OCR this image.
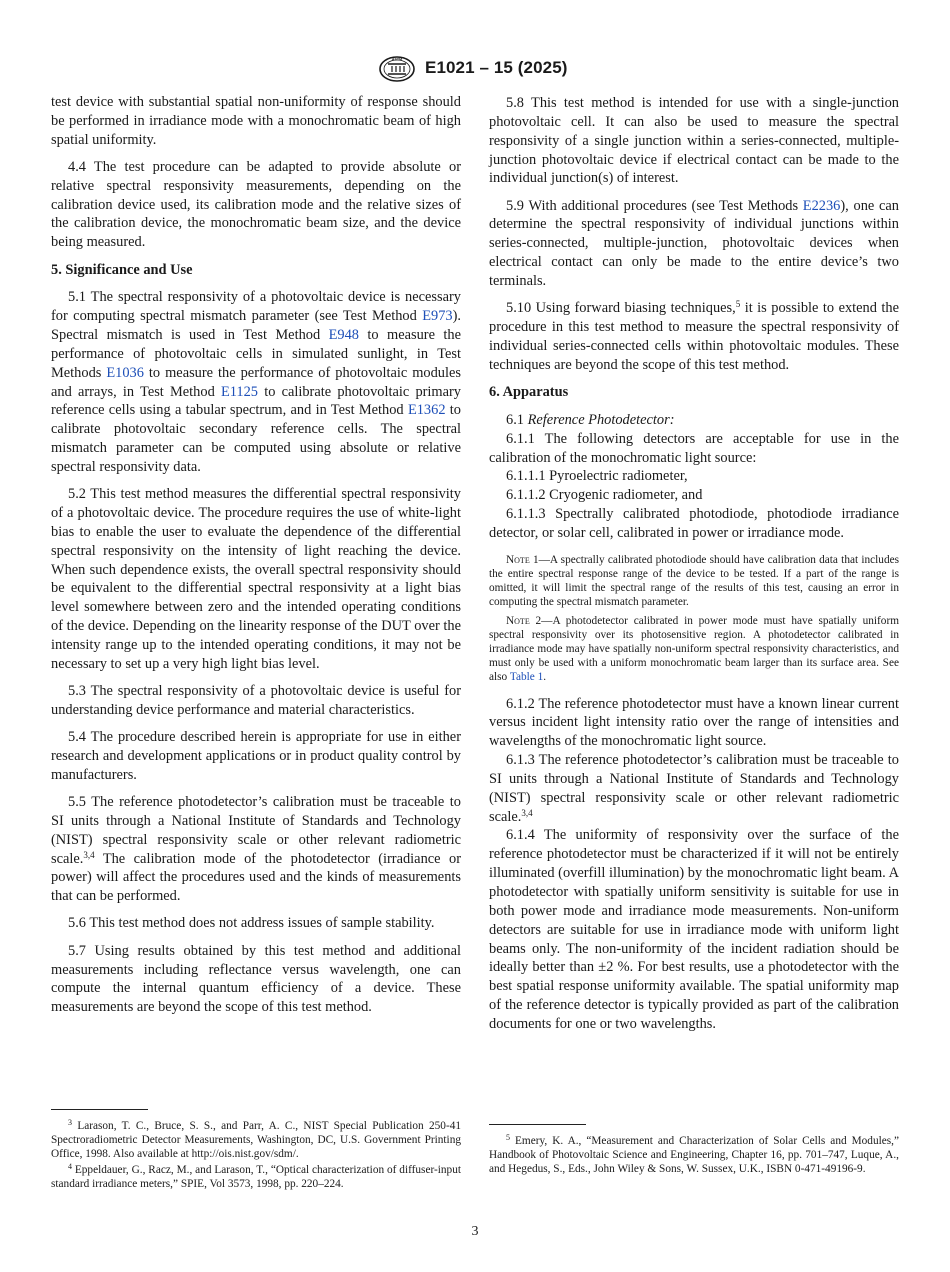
ASTM E1021 – 15 (2025)

test device with substantial spatial non-uniformity of response should be performed in irradiance mode with a monochromatic beam of high spatial uniformity.

4.4 The test procedure can be adapted to provide absolute or relative spectral responsivity measurements, depending on the calibration device used, its calibration mode and the relative sizes of the calibration device, the monochromatic beam size, and the device being measured.

5. Significance and Use

5.1 The spectral responsivity of a photovoltaic device is necessary for computing spectral mismatch parameter (see Test Method E973). Spectral mismatch is used in Test Method E948 to measure the performance of photovoltaic cells in simulated sunlight, in Test Methods E1036 to measure the performance of photovoltaic modules and arrays, in Test Method E1125 to calibrate photovoltaic primary reference cells using a tabular spectrum, and in Test Method E1362 to calibrate photovoltaic secondary reference cells. The spectral mismatch parameter can be computed using absolute or relative spectral responsivity data.

5.2 This test method measures the differential spectral responsivity of a photovoltaic device. The procedure requires the use of white-light bias to enable the user to evaluate the dependence of the differential spectral responsivity on the intensity of light reaching the device. When such dependence exists, the overall spectral responsivity should be equivalent to the differential spectral responsivity at a light bias level somewhere between zero and the intended operating conditions of the device. Depending on the linearity response of the DUT over the intensity range up to the intended operating conditions, it may not be necessary to set up a very high light bias level.

5.3 The spectral responsivity of a photovoltaic device is useful for understanding device performance and material characteristics.

5.4 The procedure described herein is appropriate for use in either research and development applications or in product quality control by manufacturers.

5.5 The reference photodetector’s calibration must be traceable to SI units through a National Institute of Standards and Technology (NIST) spectral responsivity scale or other relevant radiometric scale.$^{3,4}$ The calibration mode of the photodetector (irradiance or power) will affect the procedures used and the kinds of measurements that can be performed.

5.6 This test method does not address issues of sample stability.

5.7 Using results obtained by this test method and additional measurements including reflectance versus wavelength, one can compute the internal quantum efficiency of a device. These measurements are beyond the scope of this test method.

5.8 This test method is intended for use with a single-junction photovoltaic cell. It can also be used to measure the spectral responsivity of a single junction within a series-connected, multiple-junction photovoltaic device if electrical contact can be made to the individual junction(s) of interest.

5.9 With additional procedures (see Test Methods E2236), one can determine the spectral responsivity of individual junctions within series-connected, multiple-junction, photovoltaic devices when electrical contact can only be made to the entire device’s two terminals.

5.10 Using forward biasing techniques,$^5$ it is possible to extend the procedure in this test method to measure the spectral responsivity of individual series-connected cells within photovoltaic modules. These techniques are beyond the scope of this test method.

6. Apparatus

6.1 Reference Photodetector:

6.1.1 The following detectors are acceptable for use in the calibration of the monochromatic light source:

6.1.1.1 Pyroelectric radiometer,

6.1.1.2 Cryogenic radiometer, and

6.1.1.3 Spectrally calibrated photodiode, photodiode irradiance detector, or solar cell, calibrated in power or irradiance mode.

Note 1—A spectrally calibrated photodiode should have calibration data that includes the entire spectral response range of the device to be tested. If a part of the range is omitted, it will limit the spectral range of the results of this test, causing an error in computing the spectral mismatch parameter.

Note 2—A photodetector calibrated in power mode must have spatially uniform spectral responsivity over its photosensitive region. A photodetector calibrated in irradiance mode may have spatially non-uniform spectral responsivity characteristics, and must only be used with a uniform monochromatic beam larger than its surface area. See also Table 1.

6.1.2 The reference photodetector must have a known linear current versus incident light intensity ratio over the range of intensities and wavelengths of the monochromatic light source.

6.1.3 The reference photodetector’s calibration must be traceable to SI units through a National Institute of Standards and Technology (NIST) spectral responsivity scale or other relevant radiometric scale.$^{3,4}$

6.1.4 The uniformity of responsivity over the surface of the reference photodetector must be characterized if it will not be entirely illuminated (overfill illumination) by the monochromatic light beam. A photodetector with spatially uniform sensitivity is suitable for use in both power mode and irradiance mode measurements. Non-uniform detectors are suitable for use in irradiance mode with uniform light beams only. The non-uniformity of the incident radiation should be ideally better than ±2 %. For best results, use a photodetector with the best spatial response uniformity available. The spatial uniformity map of the reference detector is typically provided as part of the calibration documents for one or two wavelengths.

$^3$ Larason, T. C., Bruce, S. S., and Parr, A. C., NIST Special Publication 250-41 Spectroradiometric Detector Measurements, Washington, DC, U.S. Government Printing Office, 1998. Also available at http://ois.nist.gov/sdm/.

$^4$ Eppeldauer, G., Racz, M., and Larason, T., “Optical characterization of diffuser-input standard irradiance meters,” SPIE, Vol 3573, 1998, pp. 220–224.

$^5$ Emery, K. A., “Measurement and Characterization of Solar Cells and Modules,” Handbook of Photovoltaic Science and Engineering, Chapter 16, pp. 701–747, Luque, A., and Hegedus, S., Eds., John Wiley & Sons, W. Sussex, U.K., ISBN 0-471-49196-9.

3
